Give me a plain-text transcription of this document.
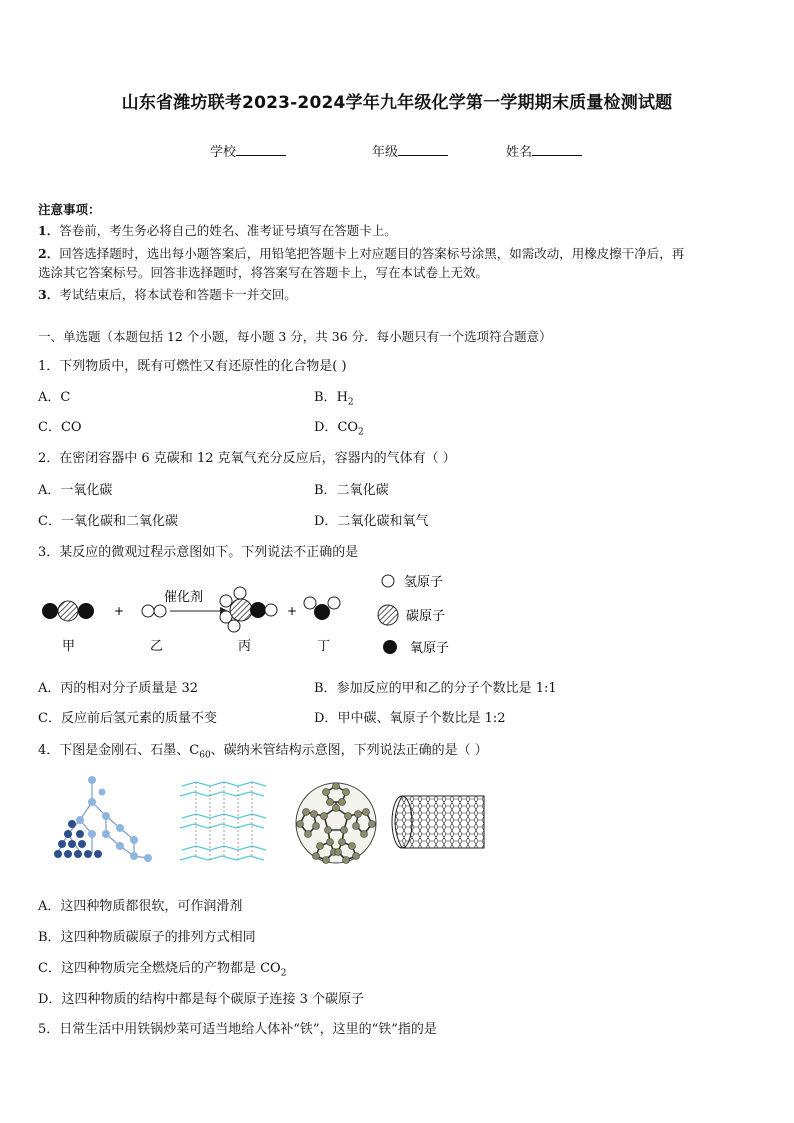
山东省潍坊联考2023-2024学年九年级化学第一学期期末质量检测试题
学校	年级	姓名
注意事项：
1．答卷前，考生务必将自己的姓名、准考证号填写在答题卡上。
2．回答选择题时，选出每小题答案后，用铅笔把答题卡上对应题目的答案标号涂黑，如需改动，用橡皮擦干净后，再
选涂其它答案标号。回答非选择题时，将答案写在答题卡上，写在本试卷上无效。
3．考试结束后，将本试卷和答题卡一并交回。
一、单选题（本题包括 12 个小题，每小题 3 分，共 36 分．每小题只有一个选项符合题意）
1．下列物质中，既有可燃性又有还原性的化合物是( )
A．C	B．$H_2$
C．CO	D．$CO_2$
2．在密闭容器中 6 克碳和 12 克氧气充分反应后，容器内的气体有（ ）
A．一氧化碳	B．二氧化碳
C．一氧化碳和二氧化碳	D．二氧化碳和氧气
3．某反应的微观过程示意图如下。下列说法不正确的是
+
催化剂
+
甲	乙	丙	丁
氢原子
碳原子
氧原子
A．丙的相对分子质量是 32	B．参加反应的甲和乙的分子个数比是 1:1
C．反应前后氢元素的质量不变	D．甲中碳、氧原子个数比是 1:2
4．下图是金刚石、石墨、$C_{60}$、碳纳米管结构示意图，下列说法正确的是（ ）
A．这四种物质都很软，可作润滑剂
B．这四种物质碳原子的排列方式相同
C．这四种物质完全燃烧后的产物都是 $CO_2$
D．这四种物质的结构中都是每个碳原子连接 3 个碳原子
5．日常生活中用铁锅炒菜可适当地给人体补“铁”，这里的“铁”指的是
